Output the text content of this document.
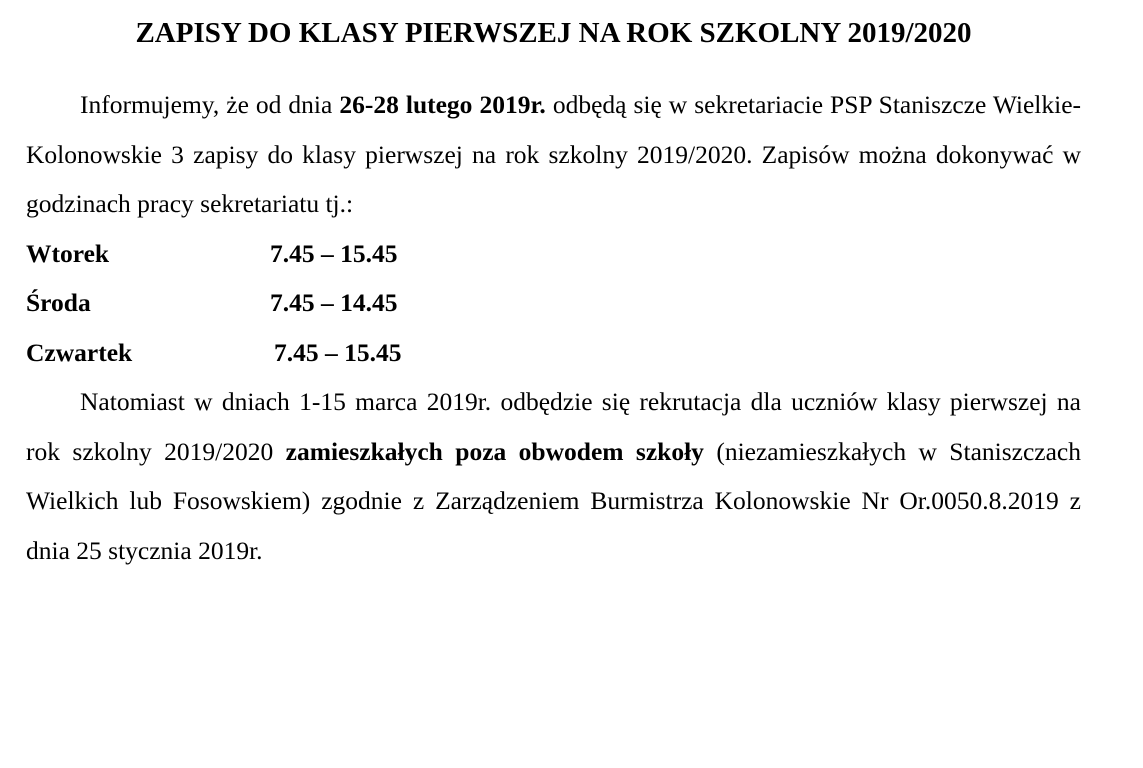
ZAPISY DO KLASY PIERWSZEJ NA ROK SZKOLNY 2019/2020
Informujemy, że od dnia 26-28 lutego 2019r. odbędą się w sekretariacie PSP Staniszcze Wielkie-Kolonowskie 3 zapisy do klasy pierwszej na rok szkolny 2019/2020. Zapisów można dokonywać w godzinach pracy sekretariatu tj.:
Wtorek	7.45 – 15.45
Środa	7.45 – 14.45
Czwartek	7.45 – 15.45
Natomiast w dniach 1-15 marca 2019r. odbędzie się rekrutacja dla uczniów klasy pierwszej na rok szkolny 2019/2020 zamieszkałych poza obwodem szkoły (niezamieszkałych w Staniszczach Wielkich lub Fosowskiem) zgodnie z Zarządzeniem Burmistrza Kolonowskie Nr Or.0050.8.2019 z dnia 25 stycznia 2019r.
